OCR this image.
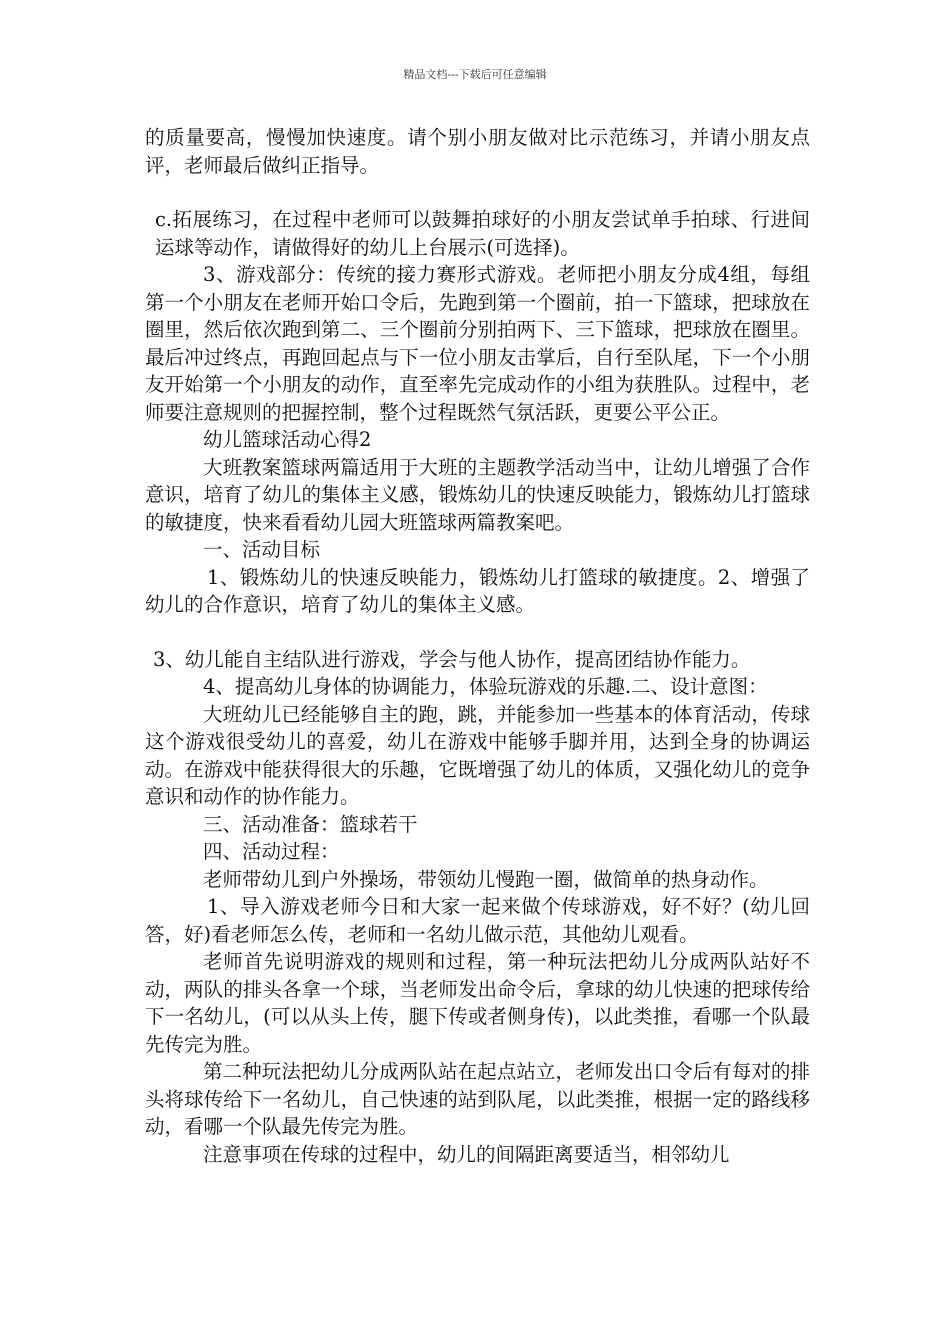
精品文档---下载后可任意编辑

的质量要高，慢慢加快速度。请个别小朋友做对比示范练习，并请小朋友点评，老师最后做纠正指导。

c.拓展练习，在过程中老师可以鼓舞拍球好的小朋友尝试单手拍球、行进间运球等动作，请做得好的幼儿上台展示(可选择)。

3、游戏部分：传统的接力赛形式游戏。老师把小朋友分成4组，每组第一个小朋友在老师开始口令后，先跑到第一个圈前，拍一下篮球，把球放在圈里，然后依次跑到第二、三个圈前分别拍两下、三下篮球，把球放在圈里。最后冲过终点，再跑回起点与下一位小朋友击掌后，自行至队尾，下一个小朋友开始第一个小朋友的动作，直至率先完成动作的小组为获胜队。过程中，老师要注意规则的把握控制，整个过程既然气氛活跃，更要公平公正。

幼儿篮球活动心得2

大班教案篮球两篇适用于大班的主题教学活动当中，让幼儿增强了合作意识，培育了幼儿的集体主义感，锻炼幼儿的快速反映能力，锻炼幼儿打篮球的敏捷度，快来看看幼儿园大班篮球两篇教案吧。

一、活动目标

1、锻炼幼儿的快速反映能力，锻炼幼儿打篮球的敏捷度。2、增强了幼儿的合作意识，培育了幼儿的集体主义感。

3、幼儿能自主结队进行游戏，学会与他人协作，提高团结协作能力。

4、提高幼儿身体的协调能力，体验玩游戏的乐趣.二、设计意图：

大班幼儿已经能够自主的跑，跳，并能参加一些基本的体育活动，传球这个游戏很受幼儿的喜爱，幼儿在游戏中能够手脚并用，达到全身的协调运动。在游戏中能获得很大的乐趣，它既增强了幼儿的体质，又强化幼儿的竞争意识和动作的协作能力。

三、活动准备：篮球若干

四、活动过程：

老师带幼儿到户外操场，带领幼儿慢跑一圈，做简单的热身动作。

1、导入游戏老师今日和大家一起来做个传球游戏，好不好？(幼儿回答，好)看老师怎么传，老师和一名幼儿做示范，其他幼儿观看。

老师首先说明游戏的规则和过程，第一种玩法把幼儿分成两队站好不动，两队的排头各拿一个球，当老师发出命令后，拿球的幼儿快速的把球传给下一名幼儿，(可以从头上传，腿下传或者侧身传)，以此类推，看哪一个队最先传完为胜。

第二种玩法把幼儿分成两队站在起点站立，老师发出口令后有每对的排头将球传给下一名幼儿，自己快速的站到队尾，以此类推，根据一定的路线移动，看哪一个队最先传完为胜。

注意事项在传球的过程中，幼儿的间隔距离要适当，相邻幼儿
